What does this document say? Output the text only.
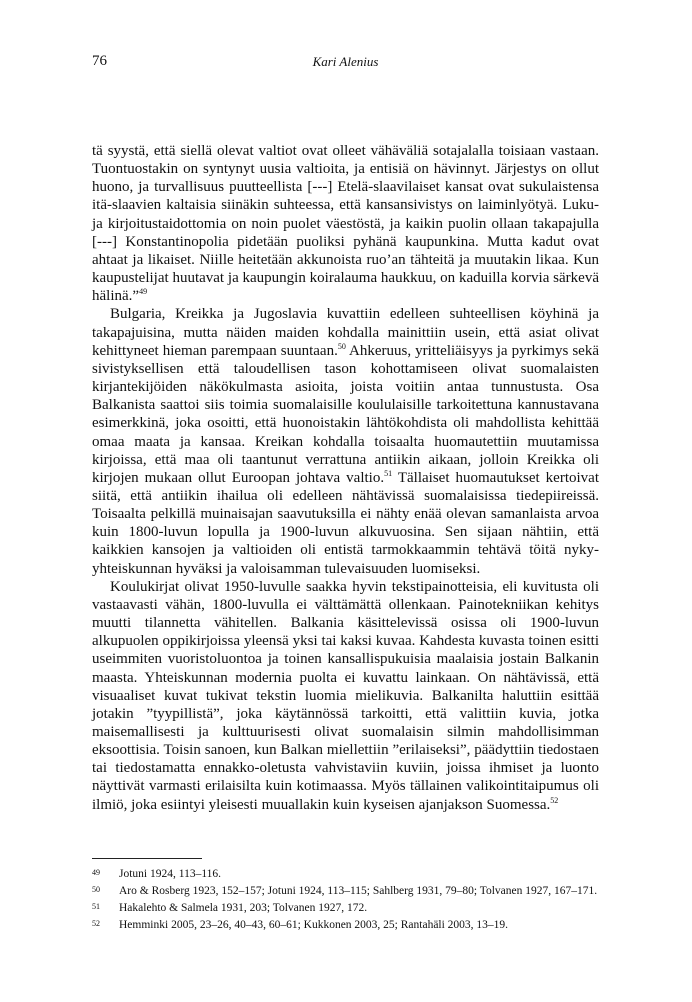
76	Kari Alenius

tä syystä, että siellä olevat valtiot ovat olleet vähäväliä sotajalalla toisiaan vastaan. Tuontuostakin on syntynyt uusia valtioita, ja entisiä on hävinnyt. Järjestys on ollut huono, ja turvallisuus puutteellista [---] Etelä-slaavilaiset kansat ovat sukulaistensa itä-slaavien kaltaisia siinäkin suhteessa, että kansansivistys on laiminlyötyä. Luku- ja kirjoitustaidottomia on noin puolet väestöstä, ja kaikin puolin ollaan takapajulla [---] Konstantinopolia pidetään puoliksi pyhänä kaupunkina. Mutta kadut ovat ahtaat ja likaiset. Niille heitetään akkunoista ruo’an tähteitä ja muutakin likaa. Kun kaupustelijat huutavat ja kaupungin koiralauma haukkuu, on kaduilla korvia särkevä hälinä.”$^{49}$

Bulgaria, Kreikka ja Jugoslavia kuvattiin edelleen suhteellisen köyhinä ja takapajuisina, mutta näiden maiden kohdalla mainittiin usein, että asiat olivat kehittyneet hieman parempaan suuntaan.$^{50}$ Ahkeruus, yritteliäisyys ja pyrkimys sekä sivistyksellisen että taloudellisen tason kohottamiseen olivat suomalaisten kirjantekijöiden näkökulmasta asioita, joista voitiin antaa tunnustusta. Osa Balkanista saattoi siis toimia suomalaisille koululaisille tarkoitettuna kannustavana esimerkkinä, joka osoitti, että huonoistakin lähtökohdista oli mahdollista kehittää omaa maata ja kansaa. Kreikan kohdalla toisaalta huomautettiin muutamissa kirjoissa, että maa oli taantunut verrattuna antiikin aikaan, jolloin Kreikka oli kirjojen mukaan ollut Euroopan johtava valtio.$^{51}$ Tällaiset huomautukset kertoivat siitä, että antiikin ihailua oli edelleen nähtävissä suomalaisissa tiedepiireissä. Toisaalta pelkillä muinaisajan saavutuksilla ei nähty enää olevan samanlaista arvoa kuin 1800-luvun lopulla ja 1900-luvun alkuvuosina. Sen sijaan nähtiin, että kaikkien kansojen ja valtioiden oli entistä tarmokkaammin tehtävä töitä nyky-yhteiskunnan hyväksi ja valoisamman tulevaisuuden luomiseksi.

Koulukirjat olivat 1950-luvulle saakka hyvin tekstipainotteisia, eli kuvitusta oli vastaavasti vähän, 1800-luvulla ei välttämättä ollenkaan. Painotekniikan kehitys muutti tilannetta vähitellen. Balkania käsittelevissä osissa oli 1900-luvun alkupuolen oppikirjoissa yleensä yksi tai kaksi kuvaa. Kahdesta kuvasta toinen esitti useimmiten vuoristoluontoa ja toinen kansallispukuisia maalaisia jostain Balkanin maasta. Yhteiskunnan modernia puolta ei kuvattu lainkaan. On nähtävissä, että visuaaliset kuvat tukivat tekstin luomia mielikuvia. Balkanilta haluttiin esittää jotakin ”tyypillistä”, joka käytännössä tarkoitti, että valittiin kuvia, jotka maisemallisesti ja kulttuurisesti olivat suomalaisin silmin mahdollisimman eksoottisia. Toisin sanoen, kun Balkan miellettiin ”erilaiseksi”, päädyttiin tiedostaen tai tiedostamatta ennakko-oletusta vahvistaviin kuviin, joissa ihmiset ja luonto näyttivät varmasti erilaisilta kuin kotimaassa. Myös tällainen valikointitaipumus oli ilmiö, joka esiintyi yleisesti muuallakin kuin kyseisen ajanjakson Suomessa.$^{52}$

49 Jotuni 1924, 113–116.
50 Aro & Rosberg 1923, 152–157; Jotuni 1924, 113–115; Sahlberg 1931, 79–80; Tolvanen 1927, 167–171.
51 Hakalehto & Salmela 1931, 203; Tolvanen 1927, 172.
52 Hemminki 2005, 23–26, 40–43, 60–61; Kukkonen 2003, 25; Rantahäli 2003, 13–19.
